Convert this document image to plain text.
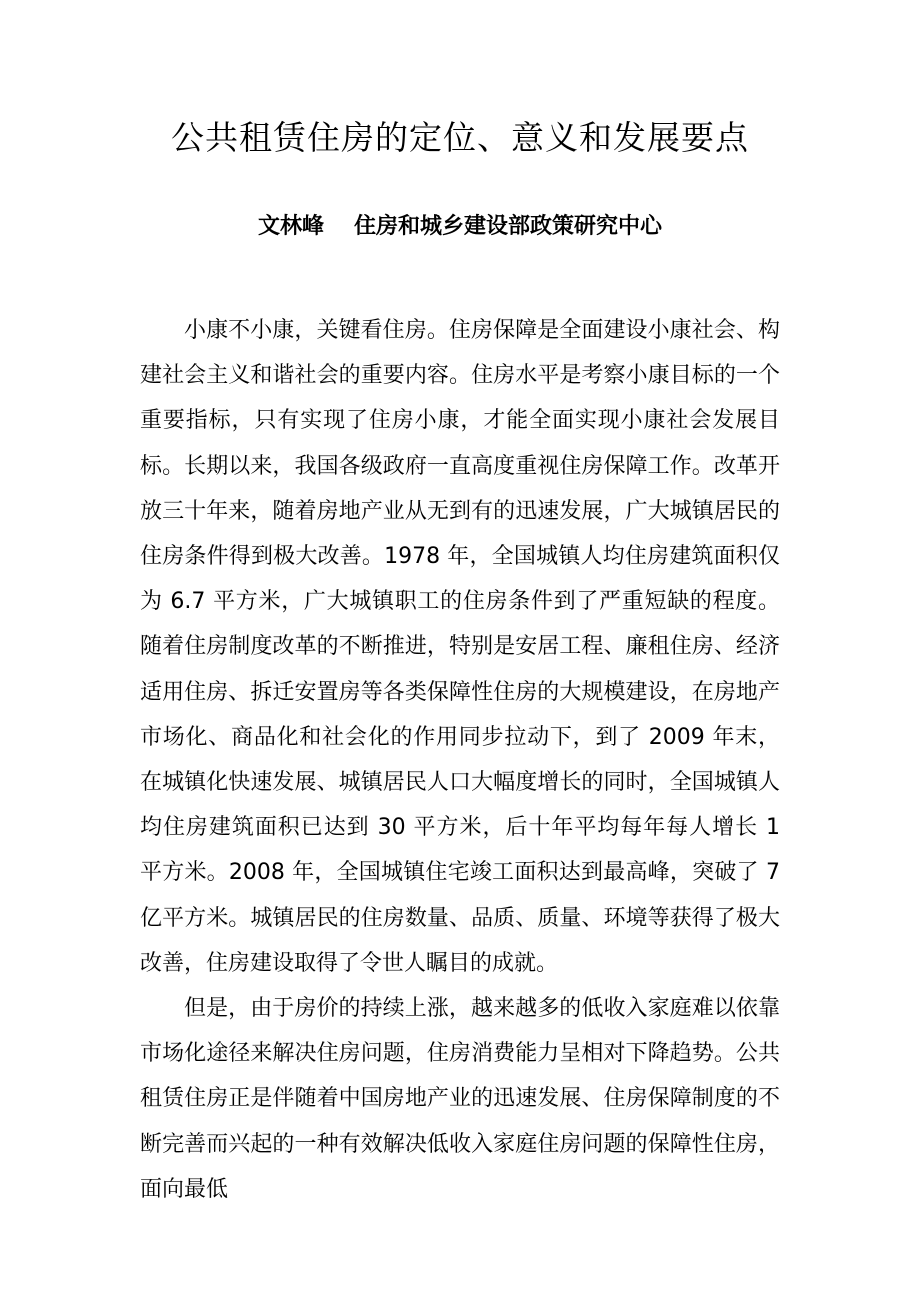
公共租赁住房的定位、意义和发展要点
文林峰 住房和城乡建设部政策研究中心

小康不小康，关键看住房。住房保障是全面建设小康社会、构建社会主义和谐社会的重要内容。住房水平是考察小康目标的一个重要指标，只有实现了住房小康，才能全面实现小康社会发展目标。长期以来，我国各级政府一直高度重视住房保障工作。改革开放三十年来，随着房地产业从无到有的迅速发展，广大城镇居民的住房条件得到极大改善。1978 年，全国城镇人均住房建筑面积仅为 6.7 平方米，广大城镇职工的住房条件到了严重短缺的程度。随着住房制度改革的不断推进，特别是安居工程、廉租住房、经济适用住房、拆迁安置房等各类保障性住房的大规模建设，在房地产市场化、商品化和社会化的作用同步拉动下，到了 2009 年末，在城镇化快速发展、城镇居民人口大幅度增长的同时，全国城镇人均住房建筑面积已达到 30 平方米，后十年平均每年每人增长 1 平方米。2008 年，全国城镇住宅竣工面积达到最高峰，突破了 7 亿平方米。城镇居民的住房数量、品质、质量、环境等获得了极大改善，住房建设取得了令世人瞩目的成就。

但是，由于房价的持续上涨，越来越多的低收入家庭难以依靠市场化途径来解决住房问题，住房消费能力呈相对下降趋势。公共租赁住房正是伴随着中国房地产业的迅速发展、住房保障制度的不断完善而兴起的一种有效解决低收入家庭住房问题的保障性住房，面向最低
